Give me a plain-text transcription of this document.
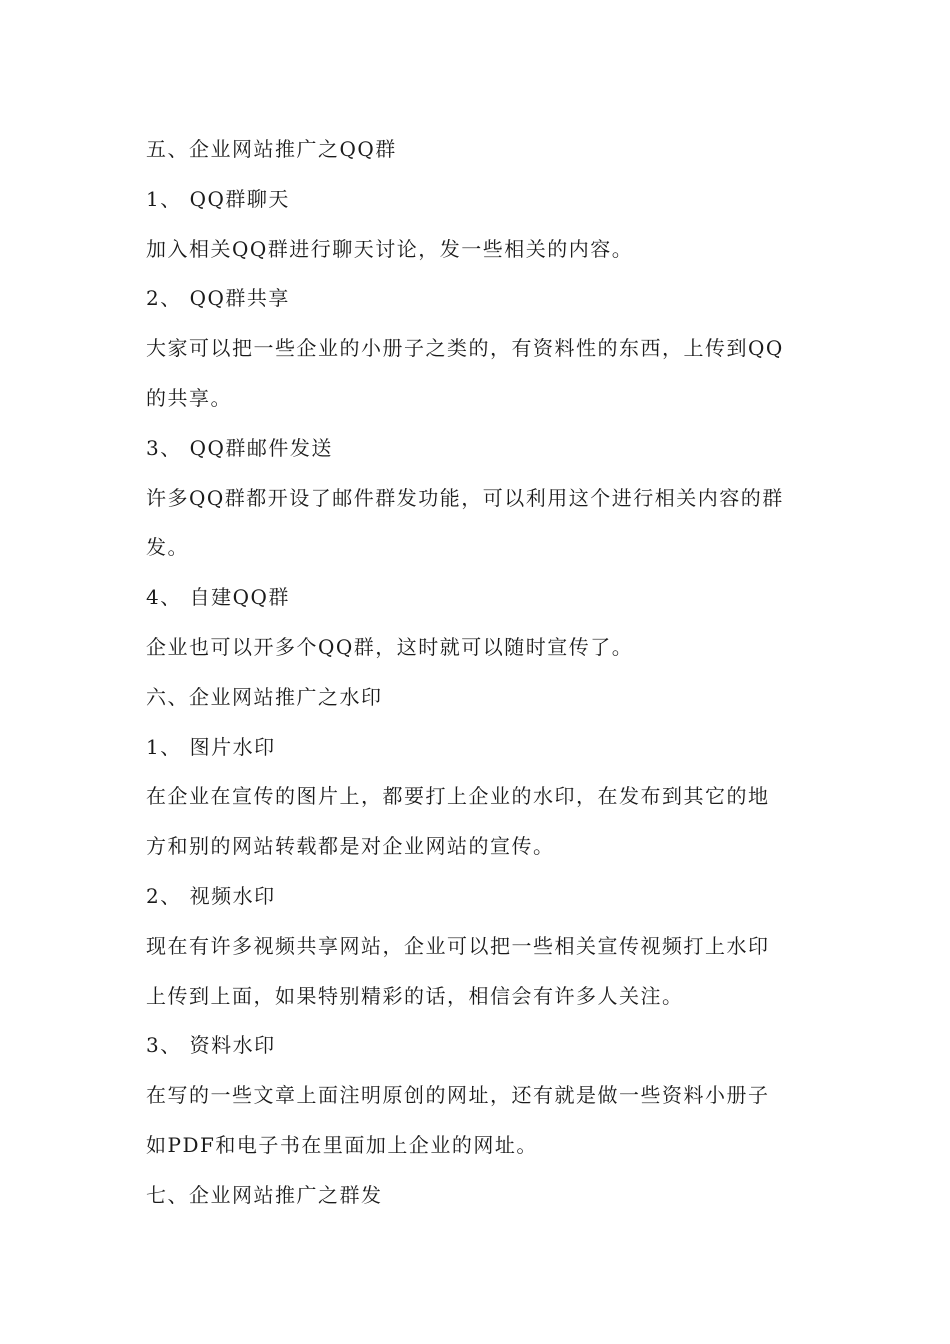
五、企业网站推广之QQ群
1、 QQ群聊天
加入相关QQ群进行聊天讨论，发一些相关的内容。
2、 QQ群共享
大家可以把一些企业的小册子之类的，有资料性的东西，上传到QQ
的共享。
3、 QQ群邮件发送
许多QQ群都开设了邮件群发功能，可以利用这个进行相关内容的群
发。
4、 自建QQ群
企业也可以开多个QQ群，这时就可以随时宣传了。
六、企业网站推广之水印
1、 图片水印
在企业在宣传的图片上，都要打上企业的水印，在发布到其它的地
方和别的网站转载都是对企业网站的宣传。
2、 视频水印
现在有许多视频共享网站，企业可以把一些相关宣传视频打上水印
上传到上面，如果特别精彩的话，相信会有许多人关注。
3、 资料水印
在写的一些文章上面注明原创的网址，还有就是做一些资料小册子
如PDF和电子书在里面加上企业的网址。
七、企业网站推广之群发
